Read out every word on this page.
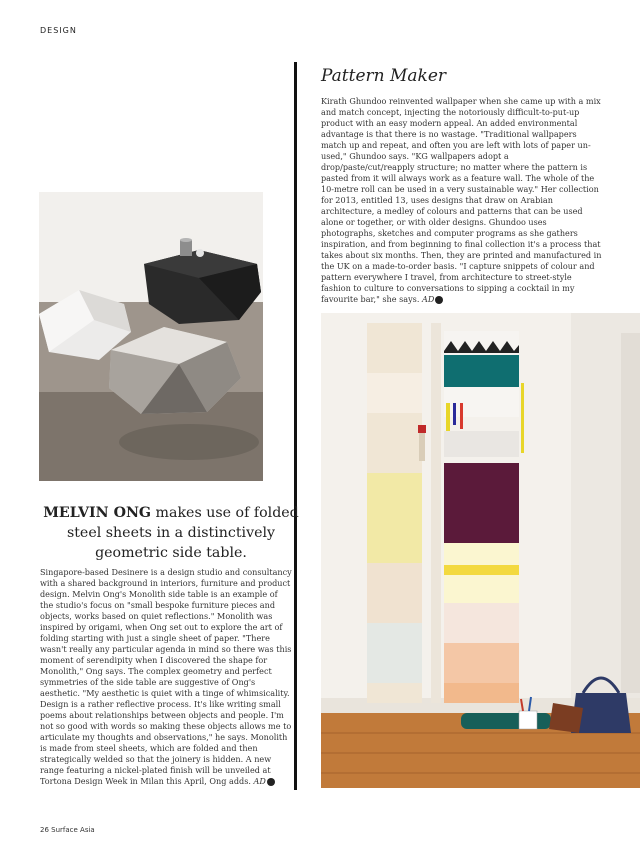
DESIGN
Pattern Maker
Kirath Ghundoo reinvented wallpaper when she came up with a mix and match concept, injecting the notoriously difficult-to-put-up product with an easy modern appeal. An added environmental advantage is that there is no wastage. "Traditional wallpapers match up and repeat, and often you are left with lots of paper un-used," Ghundoo says. "KG wallpapers adopt a drop/paste/cut/reapply structure; no matter where the pattern is pasted from it will always work as a feature wall. The whole of the 10-metre roll can be used in a very sustainable way." Her collection for 2013, entitled 13, uses designs that draw on Arabian architecture, a medley of colours and patterns that can be used alone or together, or with older designs. Ghundoo uses photographs, sketches and computer programs as she gathers inspiration, and from beginning to final collection it's a process that takes about six months. Then, they are printed and manufactured in the UK on a made-to-order basis. "I capture snippets of colour and pattern everywhere I travel, from architecture to street-style fashion to culture to conversations to sipping a cocktail in my favourite bar," she says. AD
MELVIN ONG makes use of folded steel sheets in a distinctively geometric side table.
Singapore-based Desinere is a design studio and consultancy with a shared background in interiors, furniture and product design. Melvin Ong's Monolith side table is an example of the studio's focus on "small bespoke furniture pieces and objects, works based on quiet reflections." Monolith was inspired by origami, when Ong set out to explore the art of folding starting with just a single sheet of paper. "There wasn't really any particular agenda in mind so there was this moment of serendipity when I discovered the shape for Monolith," Ong says. The complex geometry and perfect symmetries of the side table are suggestive of Ong's aesthetic. "My aesthetic is quiet with a tinge of whimsicality. Design is a rather reflective process. It's like writing small poems about relationships between objects and people. I'm not so good with words so making these objects allows me to articulate my thoughts and observations," he says. Monolith is made from steel sheets, which are folded and then strategically welded so that the joinery is hidden. A new range featuring a nickel-plated finish will be unveiled at Tortona Design Week in Milan this April, Ong adds. AD
26 Surface Asia
